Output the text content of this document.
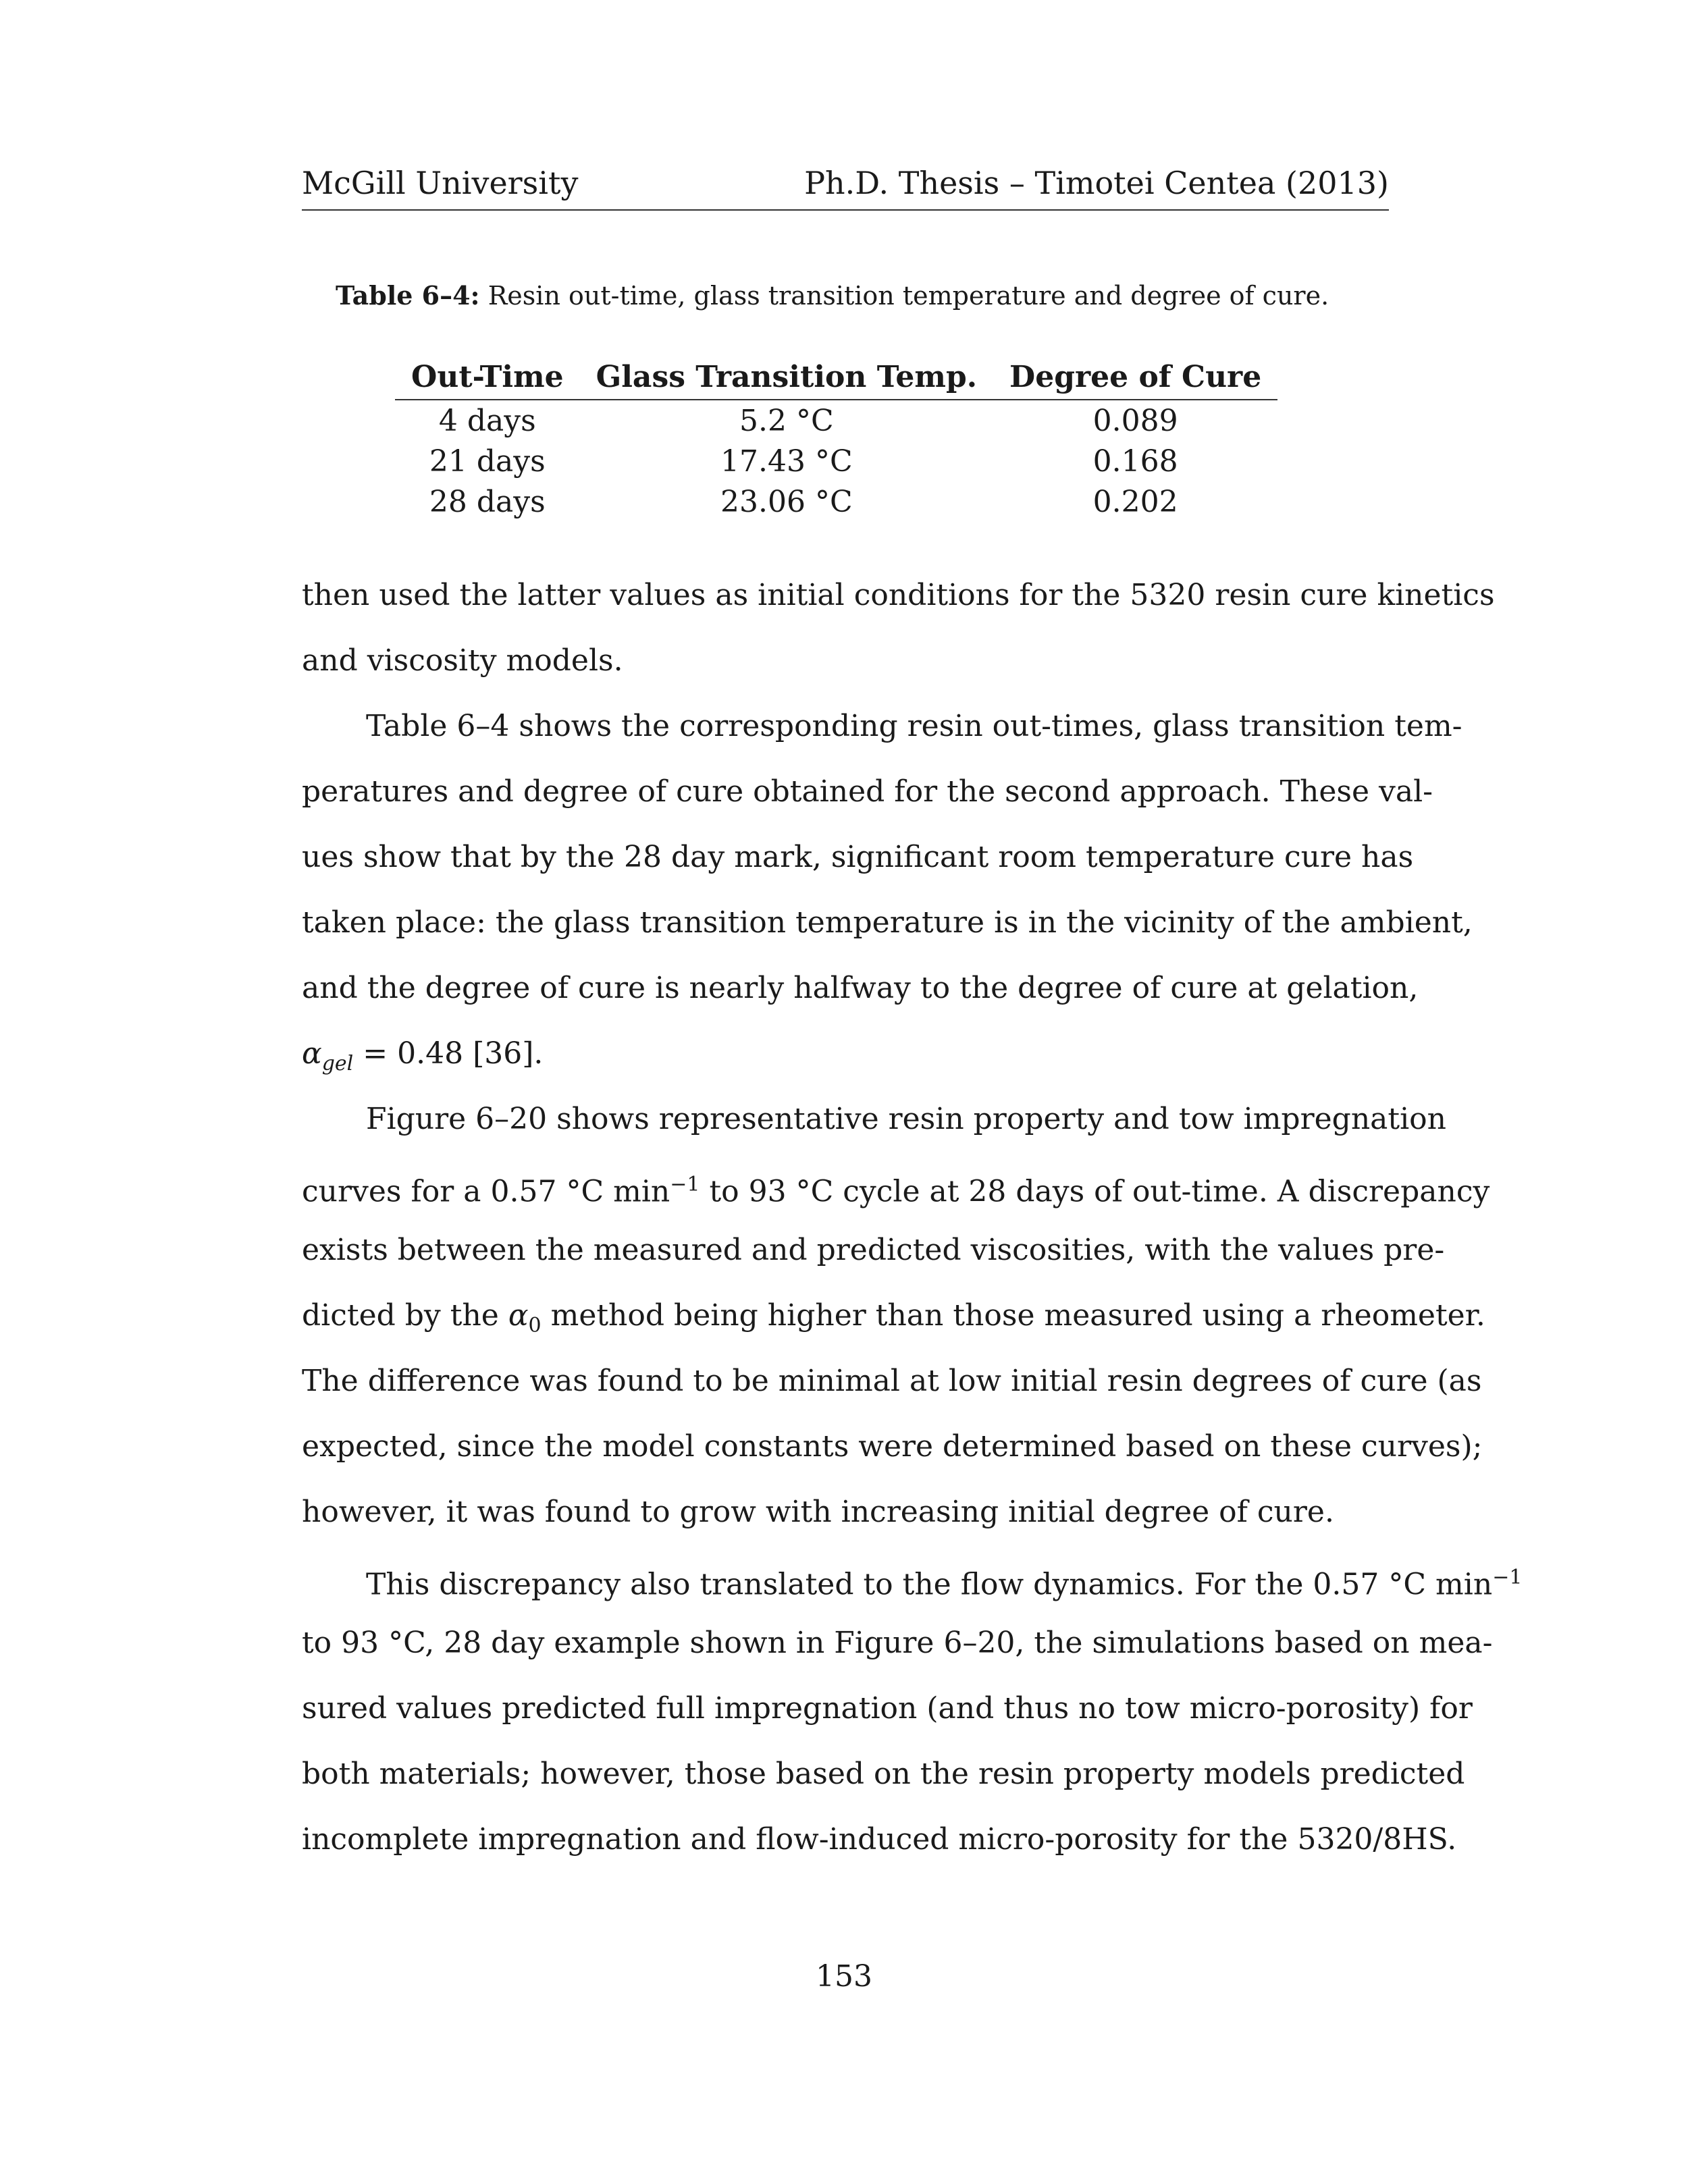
McGill University	Ph.D. Thesis – Timotei Centea (2013)
Table 6–4: Resin out-time, glass transition temperature and degree of cure.
Out-Time	Glass Transition Temp.	Degree of Cure
4 days	5.2 °C	0.089
21 days	17.43 °C	0.168
28 days	23.06 °C	0.202
then used the latter values as initial conditions for the 5320 resin cure kinetics
and viscosity models.
Table 6–4 shows the corresponding resin out-times, glass transition tem-
peratures and degree of cure obtained for the second approach. These val-
ues show that by the 28 day mark, significant room temperature cure has
taken place: the glass transition temperature is in the vicinity of the ambient,
and the degree of cure is nearly halfway to the degree of cure at gelation,
$\alpha_{gel} = 0.48$ [36].
Figure 6–20 shows representative resin property and tow impregnation
curves for a 0.57 °C $\min^{-1}$ to 93 °C cycle at 28 days of out-time. A discrepancy
exists between the measured and predicted viscosities, with the values pre-
dicted by the $\alpha_0$ method being higher than those measured using a rheometer.
The difference was found to be minimal at low initial resin degrees of cure (as
expected, since the model constants were determined based on these curves);
however, it was found to grow with increasing initial degree of cure.
This discrepancy also translated to the flow dynamics. For the 0.57 °C $\min^{-1}$
to 93 °C, 28 day example shown in Figure 6–20, the simulations based on mea-
sured values predicted full impregnation (and thus no tow micro-porosity) for
both materials; however, those based on the resin property models predicted
incomplete impregnation and flow-induced micro-porosity for the 5320/8HS.
153
